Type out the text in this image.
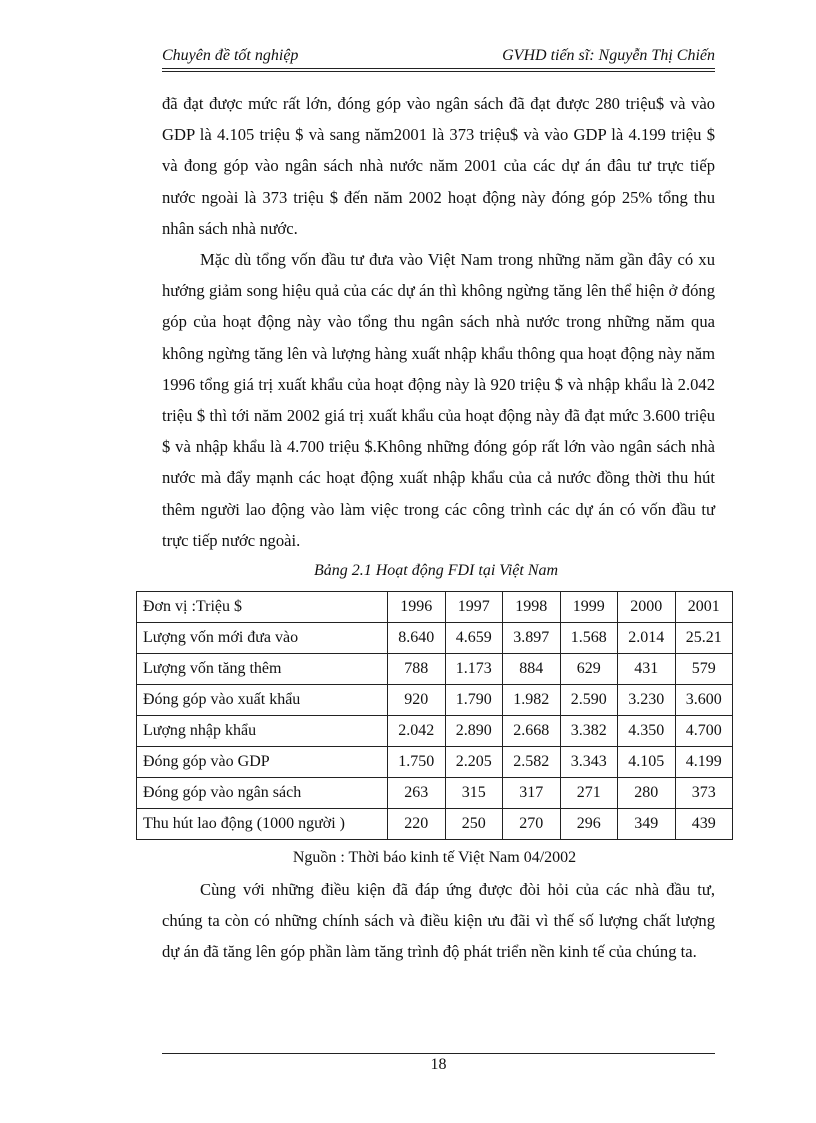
Chuyên đề tốt nghiệp	GVHD tiến sĩ: Nguyễn Thị Chiến

đã đạt được mức rất lớn, đóng góp vào ngân sách đã đạt được 280 triệu$ và vào GDP là 4.105 triệu $ và sang năm2001 là 373 triệu$ và vào GDP là 4.199 triệu $ và đong góp vào ngân sách nhà nước năm 2001 của các dự án đâu tư trực tiếp nước ngoài là 373 triệu $ đến năm 2002 hoạt động này đóng góp 25% tổng thu nhân sách nhà nước.

Mặc dù tổng vốn đầu tư đưa vào Việt Nam trong những năm gần đây có xu hướng giảm song hiệu quả của các dự án thì không ngừng tăng lên thể hiện ở đóng góp của hoạt động này vào tổng thu ngân sách nhà nước trong những năm qua không ngừng tăng lên và lượng hàng xuất nhập khẩu thông qua hoạt động này năm 1996 tổng giá trị xuất khẩu của hoạt động này là 920 triệu $ và nhập khẩu là 2.042 triệu $ thì tới năm 2002 giá trị xuất khẩu của hoạt động này đã đạt mức 3.600 triệu $ và nhập khẩu là 4.700 triệu $.Không những đóng góp rất lớn vào ngân sách nhà nước mà đẩy mạnh các hoạt động xuất nhập khẩu của cả nước đồng thời thu hút thêm người lao động vào làm việc trong các công trình các dự án có vốn đầu tư trực tiếp nước ngoài.

Bảng 2.1 Hoạt động FDI tại Việt Nam
Đơn vị :Triệu $	1996	1997	1998	1999	2000	2001
Lượng vốn mới đưa vào	8.640	4.659	3.897	1.568	2.014	25.21
Lượng vốn tăng thêm	788	1.173	884	629	431	579
Đóng góp vào xuất khẩu	920	1.790	1.982	2.590	3.230	3.600
Lượng nhập khẩu	2.042	2.890	2.668	3.382	4.350	4.700
Đóng góp vào GDP	1.750	2.205	2.582	3.343	4.105	4.199
Đóng góp vào ngân sách	263	315	317	271	280	373
Thu hút lao động (1000 người )	220	250	270	296	349	439
Nguồn : Thời báo kinh tế Việt Nam 04/2002

Cùng với những điều kiện đã đáp ứng được đòi hỏi của các nhà đầu tư, chúng ta còn có những chính sách và điều kiện ưu đãi vì thế số lượng chất lượng dự án đã tăng lên góp phần làm tăng trình độ phát triển nền kinh tế của chúng ta.

18
